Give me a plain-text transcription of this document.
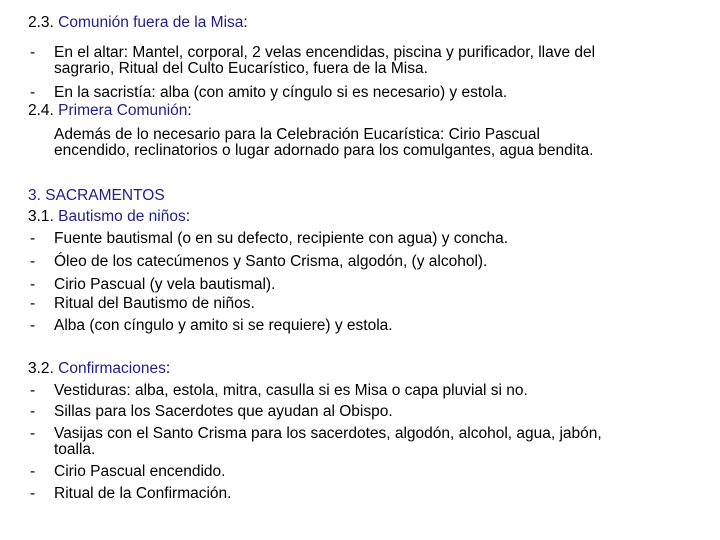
2.3. Comunión fuera de la Misa:
- En el altar: Mantel, corporal, 2 velas encendidas, piscina y purificador, llave del
sagrario, Ritual del Culto Eucarístico, fuera de la Misa.
- En la sacristía: alba (con amito y cíngulo si es necesario) y estola.
2.4. Primera Comunión:
Además de lo necesario para la Celebración Eucarística: Cirio Pascual
encendido, reclinatorios o lugar adornado para los comulgantes, agua bendita.
3. SACRAMENTOS
3.1. Bautismo de niños:
- Fuente bautismal (o en su defecto, recipiente con agua) y concha.
- Óleo de los catecúmenos y Santo Crisma, algodón, (y alcohol).
- Cirio Pascual (y vela bautismal).
- Ritual del Bautismo de niños.
- Alba (con cíngulo y amito si se requiere) y estola.
3.2. Confirmaciones:
- Vestiduras: alba, estola, mitra, casulla si es Misa o capa pluvial si no.
- Sillas para los Sacerdotes que ayudan al Obispo.
- Vasijas con el Santo Crisma para los sacerdotes, algodón, alcohol, agua, jabón,
toalla.
- Cirio Pascual encendido.
- Ritual de la Confirmación.
